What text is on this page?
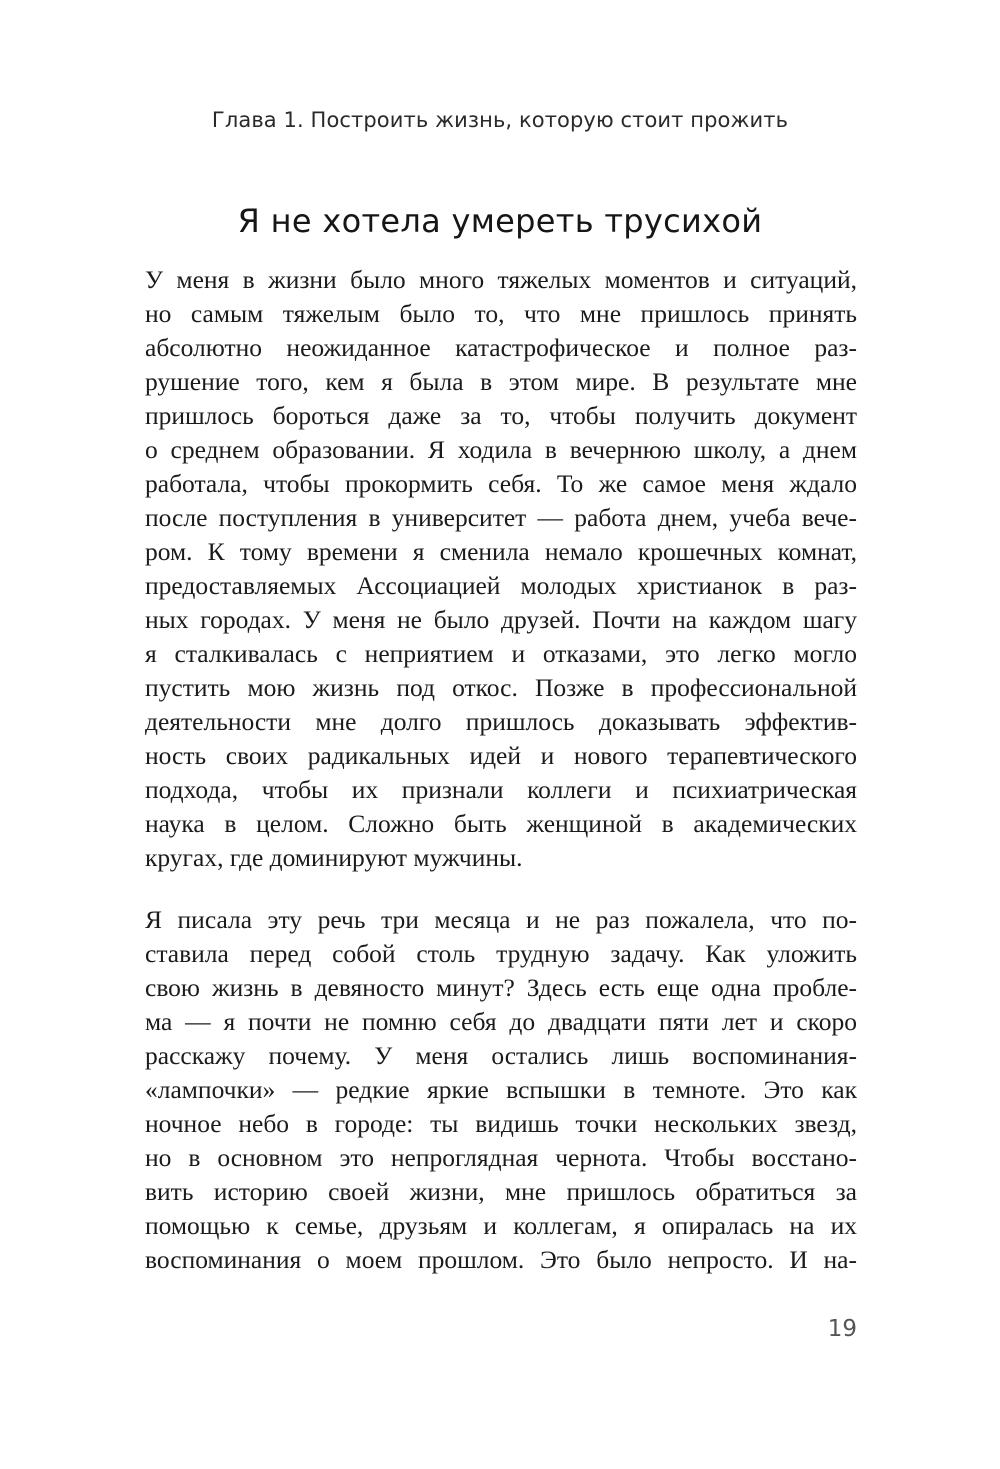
Глава 1. Построить жизнь, которую стоит прожить
Я не хотела умереть трусихой
У меня в жизни было много тяжелых моментов и ситуаций,
но самым тяжелым было то, что мне пришлось принять
абсолютно неожиданное катастрофическое и полное раз-
рушение того, кем я была в этом мире. В результате мне
пришлось бороться даже за то, чтобы получить документ
о среднем образовании. Я ходила в вечернюю школу, а днем
работала, чтобы прокормить себя. То же самое меня ждало
после поступления в университет — работа днем, учеба вече-
ром. К тому времени я сменила немало крошечных комнат,
предоставляемых Ассоциацией молодых христианок в раз-
ных городах. У меня не было друзей. Почти на каждом шагу
я сталкивалась с неприятием и отказами, это легко могло
пустить мою жизнь под откос. Позже в профессиональной
деятельности мне долго пришлось доказывать эффектив-
ность своих радикальных идей и нового терапевтического
подхода, чтобы их признали коллеги и психиатрическая
наука в целом. Сложно быть женщиной в академических
кругах, где доминируют мужчины.
Я писала эту речь три месяца и не раз пожалела, что по-
ставила перед собой столь трудную задачу. Как уложить
свою жизнь в девяносто минут? Здесь есть еще одна пробле-
ма — я почти не помню себя до двадцати пяти лет и скоро
расскажу почему. У меня остались лишь воспоминания-
«лампочки» — редкие яркие вспышки в темноте. Это как
ночное небо в городе: ты видишь точки нескольких звезд,
но в основном это непроглядная чернота. Чтобы восстано-
вить историю своей жизни, мне пришлось обратиться за
помощью к семье, друзьям и коллегам, я опиралась на их
воспоминания о моем прошлом. Это было непросто. И на-
19
